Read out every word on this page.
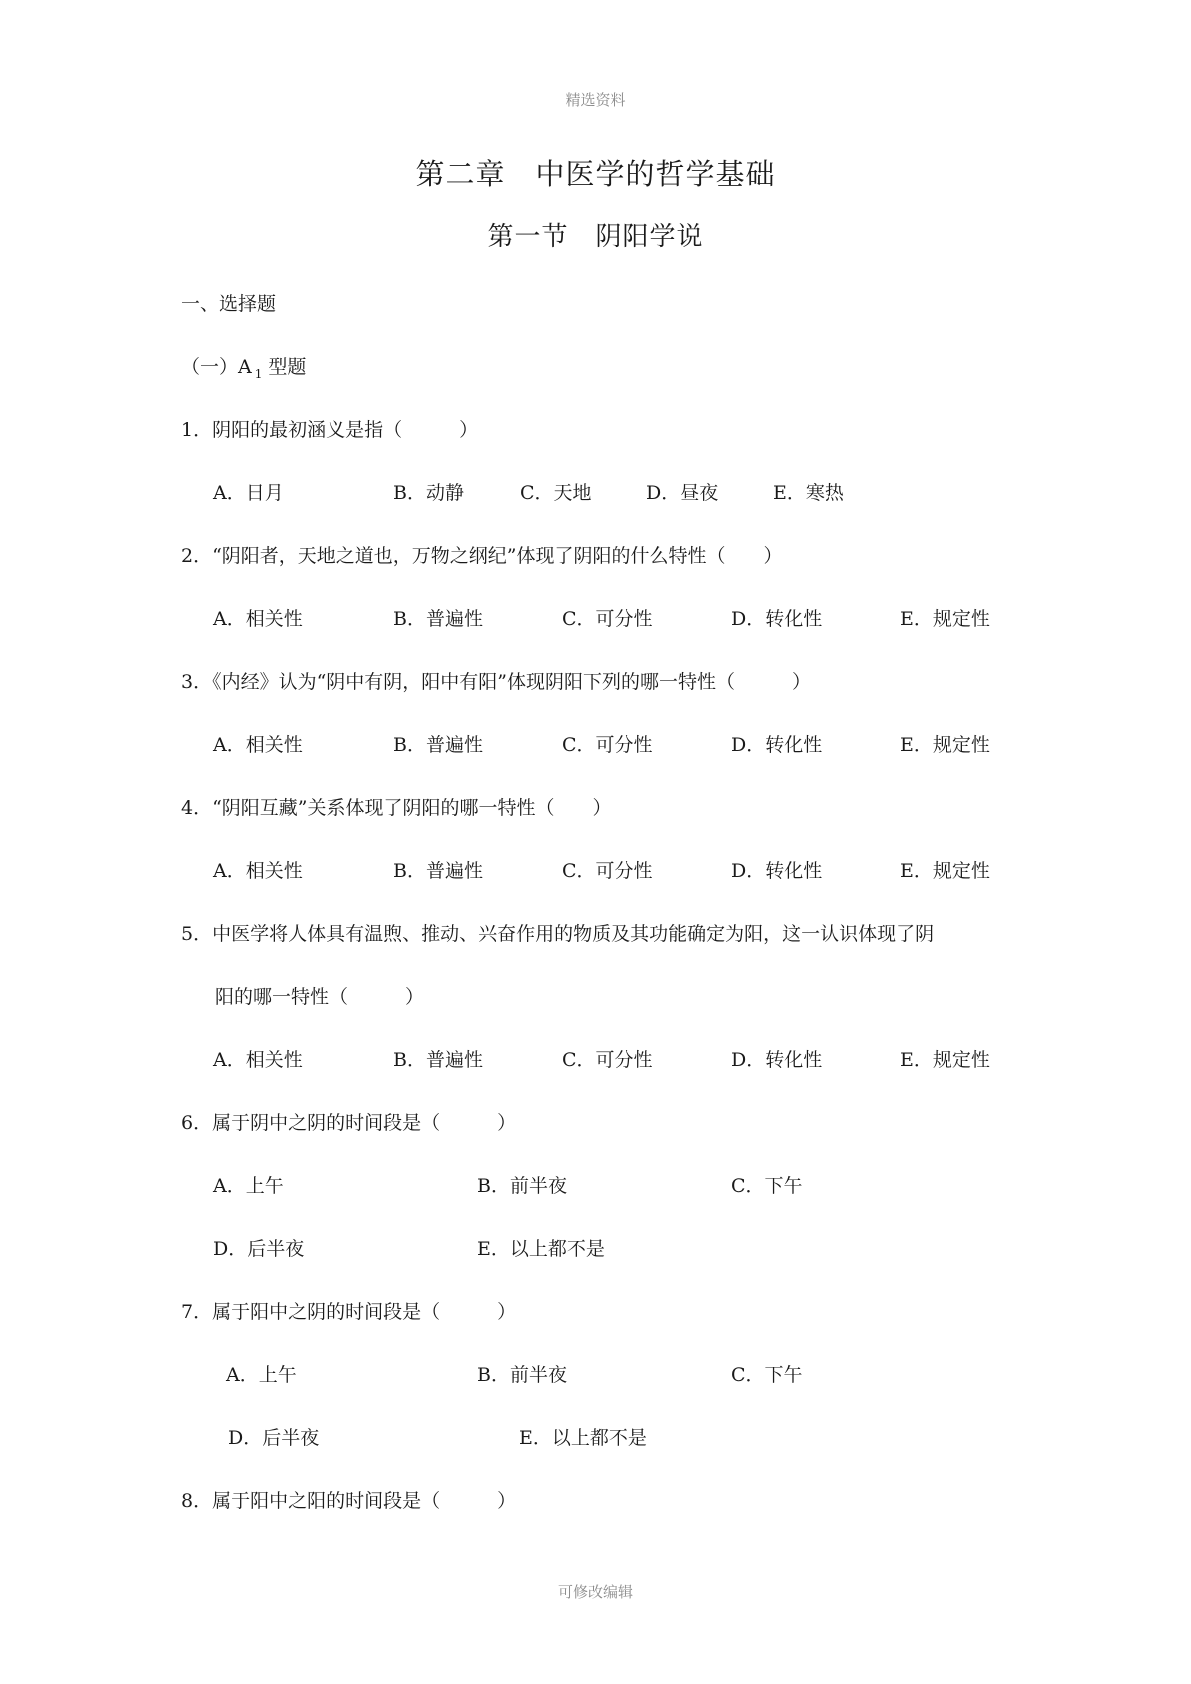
精选资料
第二章　中医学的哲学基础
第一节　阴阳学说
一、选择题
（一）A $_1$ 型题
1．阴阳的最初涵义是指（　　　）
A．日月	B．动静	C．天地	D．昼夜	E．寒热
2．“阴阳者，天地之道也，万物之纲纪”体现了阴阳的什么特性（　　）
A．相关性	B．普遍性	C．可分性	D．转化性	E．规定性
3．《内经》认为“阴中有阴，阳中有阳”体现阴阳下列的哪一特性（　　　）
A．相关性	B．普遍性	C．可分性	D．转化性	E．规定性
4．“阴阳互藏”关系体现了阴阳的哪一特性（　　）
A．相关性	B．普遍性	C．可分性	D．转化性	E．规定性
5．中医学将人体具有温煦、推动、兴奋作用的物质及其功能确定为阳，这一认识体现了阴
阳的哪一特性（　　　）
A．相关性	B．普遍性	C．可分性	D．转化性	E．规定性
6．属于阴中之阴的时间段是（　　　）
A．上午	B．前半夜	C．下午
D．后半夜	E．以上都不是
7．属于阳中之阴的时间段是（　　　）
A．上午	B．前半夜	C．下午
D．后半夜	E．以上都不是
8．属于阳中之阳的时间段是（　　　）
可修改编辑
